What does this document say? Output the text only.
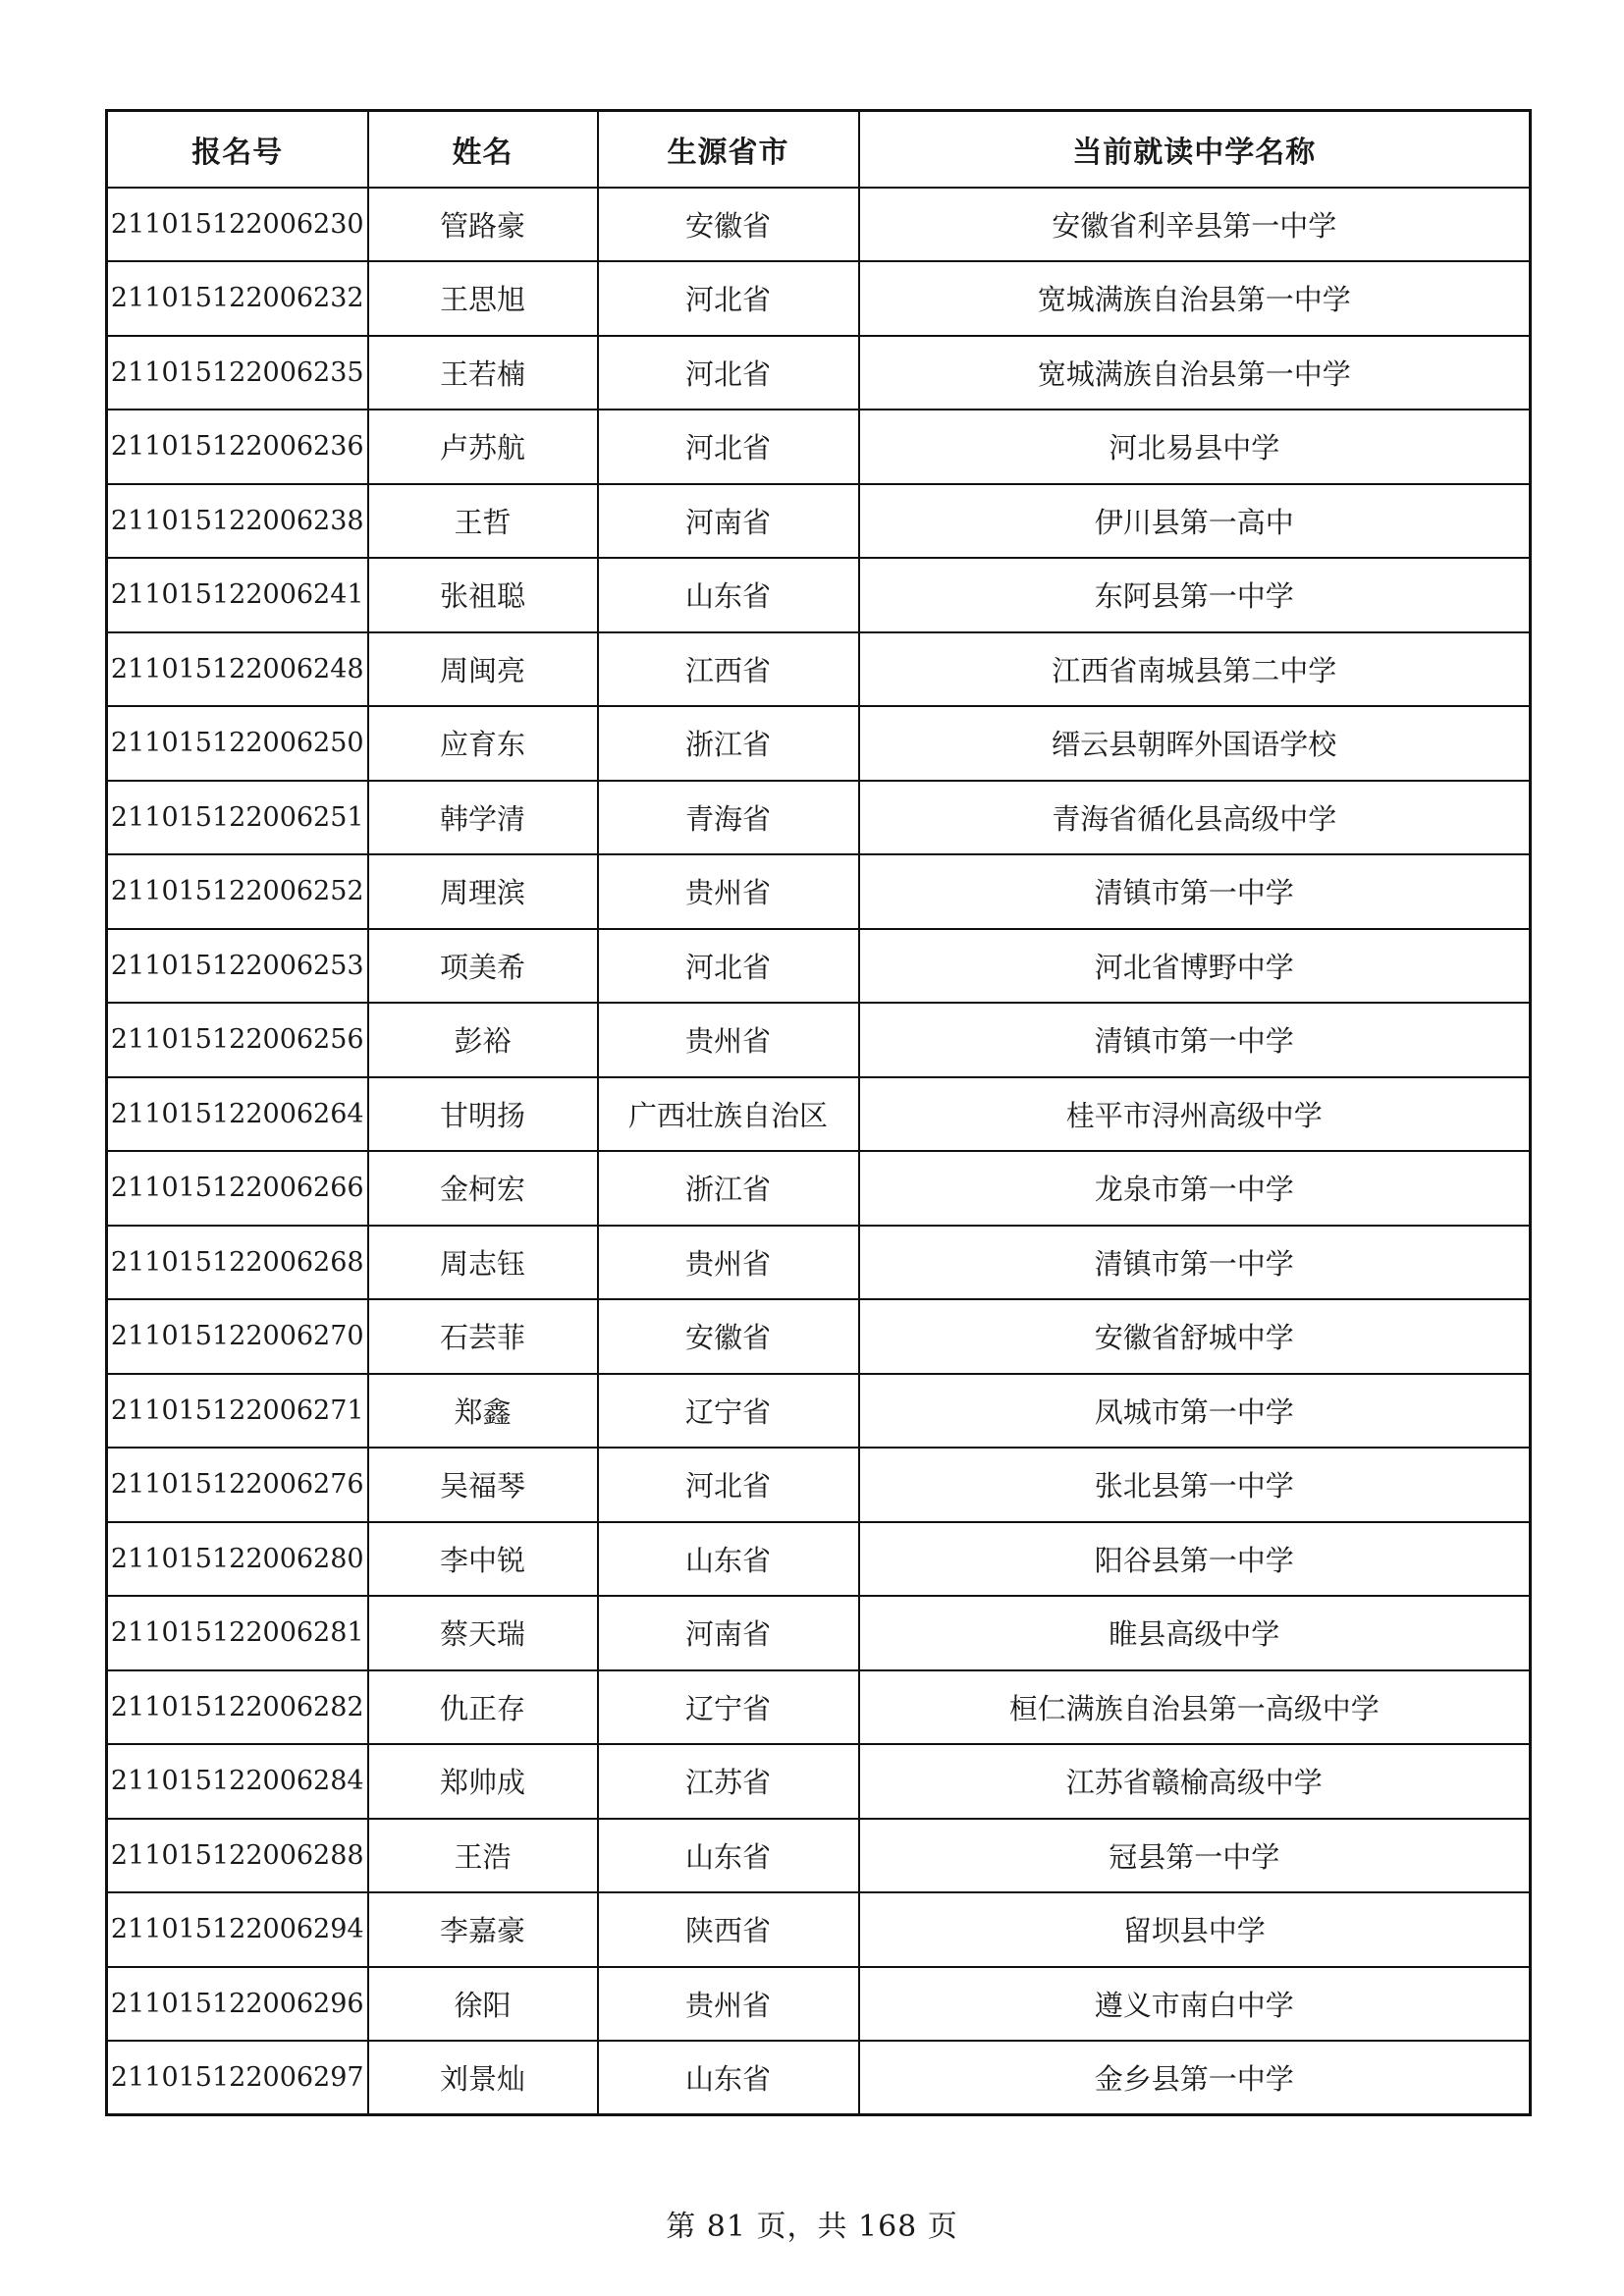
报名号	姓名	生源省市	当前就读中学名称
211015122006230	管路豪	安徽省	安徽省利辛县第一中学
211015122006232	王思旭	河北省	宽城满族自治县第一中学
211015122006235	王若楠	河北省	宽城满族自治县第一中学
211015122006236	卢苏航	河北省	河北易县中学
211015122006238	王哲	河南省	伊川县第一高中
211015122006241	张祖聪	山东省	东阿县第一中学
211015122006248	周闽亮	江西省	江西省南城县第二中学
211015122006250	应育东	浙江省	缙云县朝晖外国语学校
211015122006251	韩学清	青海省	青海省循化县高级中学
211015122006252	周理滨	贵州省	清镇市第一中学
211015122006253	项美希	河北省	河北省博野中学
211015122006256	彭裕	贵州省	清镇市第一中学
211015122006264	甘明扬	广西壮族自治区	桂平市浔州高级中学
211015122006266	金柯宏	浙江省	龙泉市第一中学
211015122006268	周志钰	贵州省	清镇市第一中学
211015122006270	石芸菲	安徽省	安徽省舒城中学
211015122006271	郑鑫	辽宁省	凤城市第一中学
211015122006276	吴福琴	河北省	张北县第一中学
211015122006280	李中锐	山东省	阳谷县第一中学
211015122006281	蔡天瑞	河南省	睢县高级中学
211015122006282	仇正存	辽宁省	桓仁满族自治县第一高级中学
211015122006284	郑帅成	江苏省	江苏省赣榆高级中学
211015122006288	王浩	山东省	冠县第一中学
211015122006294	李嘉豪	陕西省	留坝县中学
211015122006296	徐阳	贵州省	遵义市南白中学
211015122006297	刘景灿	山东省	金乡县第一中学
第 81 页，共 168 页
